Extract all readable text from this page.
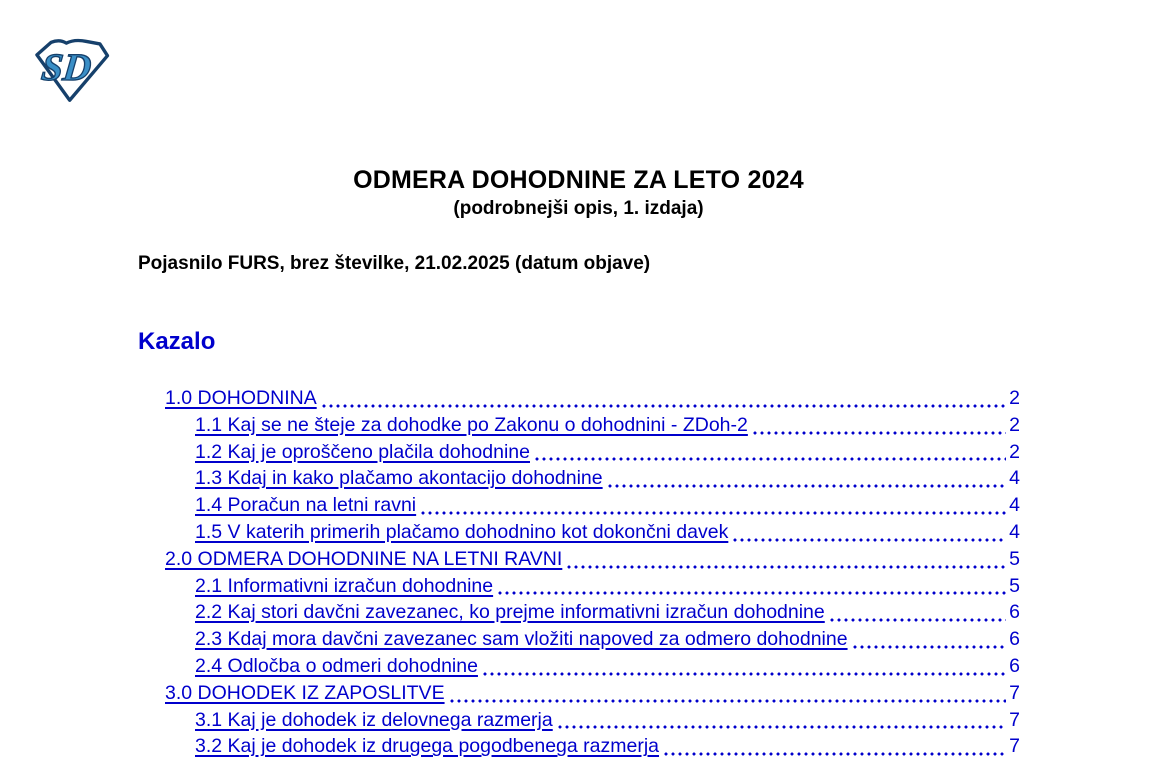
SD
ODMERA DOHODNINE ZA LETO 2024
(podrobnejši opis, 1. izdaja)
Pojasnilo FURS, brez številke, 21.02.2025 (datum objave)
Kazalo
1.0 DOHODNINA	2
1.1 Kaj se ne šteje za dohodke po Zakonu o dohodnini - ZDoh-2	2
1.2 Kaj je oproščeno plačila dohodnine	2
1.3 Kdaj in kako plačamo akontacijo dohodnine	4
1.4 Poračun na letni ravni	4
1.5 V katerih primerih plačamo dohodnino kot dokončni davek	4
2.0 ODMERA DOHODNINE NA LETNI RAVNI	5
2.1 Informativni izračun dohodnine	5
2.2 Kaj stori davčni zavezanec, ko prejme informativni izračun dohodnine	6
2.3 Kdaj mora davčni zavezanec sam vložiti napoved za odmero dohodnine	6
2.4 Odločba o odmeri dohodnine	6
3.0 DOHODEK IZ ZAPOSLITVE	7
3.1 Kaj je dohodek iz delovnega razmerja	7
3.2 Kaj je dohodek iz drugega pogodbenega razmerja	7
